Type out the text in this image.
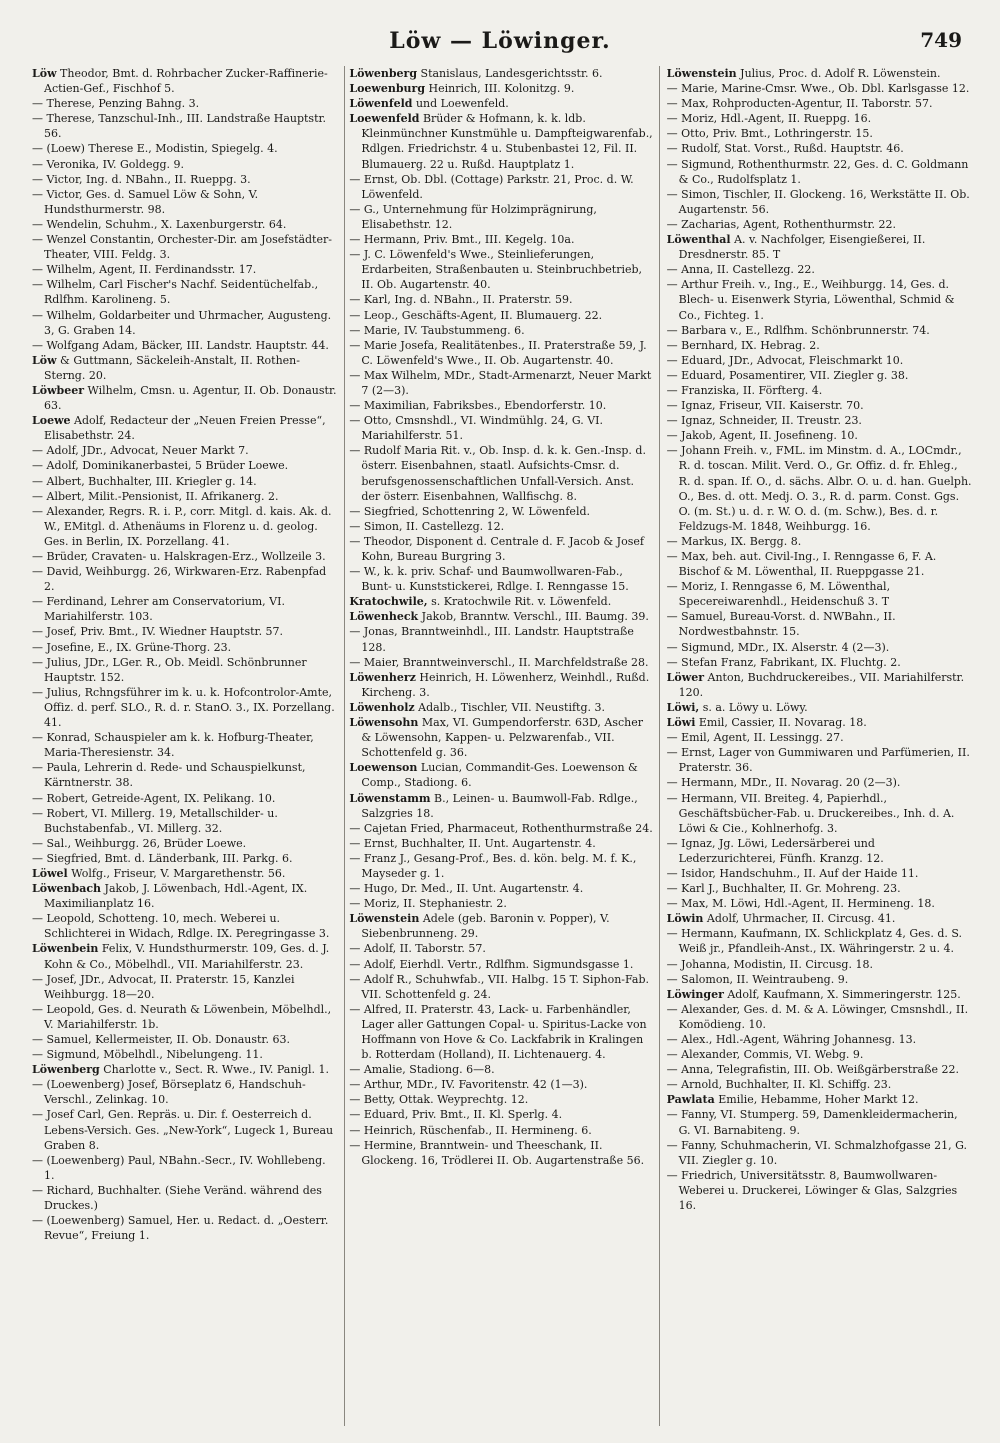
Löw — Löwinger.	749

Löw Theodor, Bmt. d. Rohrbacher Zucker-Raffinerie-Actien-Gef., Fischhof 5.

— Therese, Penzing Bahng. 3.

— Therese, Tanzschul-Inh., III. Landstraße Hauptstr. 56.

— (Loew) Therese E., Modistin, Spiegelg. 4.

— Veronika, IV. Goldegg. 9.

— Victor, Ing. d. NBahn., II. Rueppg. 3.

— Victor, Ges. d. Samuel Löw & Sohn, V. Hundsthurmerstr. 98.

— Wendelin, Schuhm., X. Laxenburgerstr. 64.

— Wenzel Constantin, Orchester-Dir. am Josefstädter-Theater, VIII. Feldg. 3.

— Wilhelm, Agent, II. Ferdinandsstr. 17.

— Wilhelm, Carl Fischer's Nachf. Seidentüchelfab., Rdlfhm. Karolineng. 5.

— Wilhelm, Goldarbeiter und Uhrmacher, Augusteng. 3, G. Graben 14.

— Wolfgang Adam, Bäcker, III. Landstr. Hauptstr. 44.

Löw & Guttmann, Säckeleih-Anstalt, II. Rothen-Sterng. 20.

Löwbeer Wilhelm, Cmsn. u. Agentur, II. Ob. Donaustr. 63.

Loewe Adolf, Redacteur der „Neuen Freien Presse“, Elisabethstr. 24.

— Adolf, JDr., Advocat, Neuer Markt 7.

— Adolf, Dominikanerbastei, 5 Brüder Loewe.

— Albert, Buchhalter, III. Kriegler g. 14.

— Albert, Milit.-Pensionist, II. Afrikanerg. 2.

— Alexander, Regrs. R. i. P., corr. Mitgl. d. kais. Ak. d. W., EMitgl. d. Athenäums in Florenz u. d. geolog. Ges. in Berlin, IX. Porzellang. 41.

— Brüder, Cravaten- u. Halskragen-Erz., Wollzeile 3.

— David, Weihburgg. 26, Wirkwaren-Erz. Rabenpfad 2.

— Ferdinand, Lehrer am Conservatorium, VI. Mariahilferstr. 103.

— Josef, Priv. Bmt., IV. Wiedner Hauptstr. 57.

— Josefine, E., IX. Grüne-Thorg. 23.

— Julius, JDr., LGer. R., Ob. Meidl. Schönbrunner Hauptstr. 152.

— Julius, Rchngsführer im k. u. k. Hofcontrolor-Amte, Offiz. d. perf. SLO., R. d. r. StanO. 3., IX. Porzellang. 41.

— Konrad, Schauspieler am k. k. Hofburg-Theater, Maria-Theresienstr. 34.

— Paula, Lehrerin d. Rede- und Schauspielkunst, Kärntnerstr. 38.

— Robert, Getreide-Agent, IX. Pelikang. 10.

— Robert, VI. Millerg. 19, Metallschilder- u. Buchstabenfab., VI. Millerg. 32.

— Sal., Weihburgg. 26, Brüder Loewe.

— Siegfried, Bmt. d. Länderbank, III. Parkg. 6.

Löwel Wolfg., Friseur, V. Margarethenstr. 56.

Löwenbach Jakob, J. Löwenbach, Hdl.-Agent, IX. Maximilianplatz 16.

— Leopold, Schotteng. 10, mech. Weberei u. Schlichterei in Widach, Rdlge. IX. Peregringasse 3.

Löwenbein Felix, V. Hundsthurmerstr. 109, Ges. d. J. Kohn & Co., Möbelhdl., VII. Mariahilferstr. 23.

— Josef, JDr., Advocat, II. Praterstr. 15, Kanzlei Weihburgg. 18—20.

— Leopold, Ges. d. Neurath & Löwenbein, Möbelhdl., V. Mariahilferstr. 1b.

— Samuel, Kellermeister, II. Ob. Donaustr. 63.

— Sigmund, Möbelhdl., Nibelungeng. 11.

Löwenberg Charlotte v., Sect. R. Wwe., IV. Panigl. 1.

— (Loewenberg) Josef, Börseplatz 6, Handschuh-Verschl., Zelinkag. 10.

— Josef Carl, Gen. Repräs. u. Dir. f. Oesterreich d. Lebens-Versich. Ges. „New-York“, Lugeck 1, Bureau Graben 8.

— (Loewenberg) Paul, NBahn.-Secr., IV. Wohllebeng. 1.

— Richard, Buchhalter. (Siehe Veränd. während des Druckes.)

— (Loewenberg) Samuel, Her. u. Redact. d. „Oesterr. Revue“, Freiung 1.

Löwenberg Stanislaus, Landesgerichtsstr. 6.

Loewenburg Heinrich, III. Kolonitzg. 9.

Löwenfeld und Loewenfeld.

Loewenfeld Brüder & Hofmann, k. k. ldb. Kleinmünchner Kunstmühle u. Dampfteigwarenfab., Rdlgen. Friedrichstr. 4 u. Stubenbastei 12, Fil. II. Blumauerg. 22 u. Rußd. Hauptplatz 1.

— Ernst, Ob. Dbl. (Cottage) Parkstr. 21, Proc. d. W. Löwenfeld.

— G., Unternehmung für Holzimprägnirung, Elisabethstr. 12.

— Hermann, Priv. Bmt., III. Kegelg. 10a.

— J. C. Löwenfeld's Wwe., Steinlieferungen, Erdarbeiten, Straßenbauten u. Steinbruchbetrieb, II. Ob. Augartenstr. 40.

— Karl, Ing. d. NBahn., II. Praterstr. 59.

— Leop., Geschäfts-Agent, II. Blumauerg. 22.

— Marie, IV. Taubstummeng. 6.

— Marie Josefa, Realitätenbes., II. Praterstraße 59, J. C. Löwenfeld's Wwe., II. Ob. Augartenstr. 40.

— Max Wilhelm, MDr., Stadt-Armenarzt, Neuer Markt 7 (2—3).

— Maximilian, Fabriksbes., Ebendorferstr. 10.

— Otto, Cmsnshdl., VI. Windmühlg. 24, G. VI. Mariahilferstr. 51.

— Rudolf Maria Rit. v., Ob. Insp. d. k. k. Gen.-Insp. d. österr. Eisenbahnen, staatl. Aufsichts-Cmsr. d. berufsgenossenschaftlichen Unfall-Versich. Anst. der österr. Eisenbahnen, Wallfischg. 8.

— Siegfried, Schottenring 2, W. Löwenfeld.

— Simon, II. Castellezg. 12.

— Theodor, Disponent d. Centrale d. F. Jacob & Josef Kohn, Bureau Burgring 3.

— W., k. k. priv. Schaf- und Baumwollwaren-Fab., Bunt- u. Kunststickerei, Rdlge. I. Renngasse 15.

Kratochwile, s. Kratochwile Rit. v. Löwenfeld.

Löwenheck Jakob, Branntw. Verschl., III. Baumg. 39.

— Jonas, Branntweinhdl., III. Landstr. Hauptstraße 128.

— Maier, Branntweinverschl., II. Marchfeldstraße 28.

Löwenherz Heinrich, H. Löwenherz, Weinhdl., Rußd. Kircheng. 3.

Löwenholz Adalb., Tischler, VII. Neustiftg. 3.

Löwensohn Max, VI. Gumpendorferstr. 63D, Ascher & Löwensohn, Kappen- u. Pelzwarenfab., VII. Schottenfeld g. 36.

Loewenson Lucian, Commandit-Ges. Loewenson & Comp., Stadiong. 6.

Löwenstamm B., Leinen- u. Baumwoll-Fab. Rdlge., Salzgries 18.

— Cajetan Fried, Pharmaceut, Rothenthurmstraße 24.

— Ernst, Buchhalter, II. Unt. Augartenstr. 4.

— Franz J., Gesang-Prof., Bes. d. kön. belg. M. f. K., Mayseder g. 1.

— Hugo, Dr. Med., II. Unt. Augartenstr. 4.

— Moriz, II. Stephaniestr. 2.

Löwenstein Adele (geb. Baronin v. Popper), V. Siebenbrunneng. 29.

— Adolf, II. Taborstr. 57.

— Adolf, Eierhdl. Vertr., Rdlfhm. Sigmundsgasse 1.

— Adolf R., Schuhwfab., VII. Halbg. 15 T. Siphon-Fab. VII. Schottenfeld g. 24.

— Alfred, II. Praterstr. 43, Lack- u. Farbenhändler, Lager aller Gattungen Copal- u. Spiritus-Lacke von Hoffmann von Hove & Co. Lackfabrik in Kralingen b. Rotterdam (Holland), II. Lichtenauerg. 4.

— Amalie, Stadiong. 6—8.

— Arthur, MDr., IV. Favoritenstr. 42 (1—3).

— Betty, Ottak. Weyprechtg. 12.

— Eduard, Priv. Bmt., II. Kl. Sperlg. 4.

— Heinrich, Rüschenfab., II. Hermineng. 6.

— Hermine, Branntwein- und Theeschank, II. Glockeng. 16, Trödlerei II. Ob. Augartenstraße 56.

Löwenstein Julius, Proc. d. Adolf R. Löwenstein.

— Marie, Marine-Cmsr. Wwe., Ob. Dbl. Karlsgasse 12.

— Max, Rohproducten-Agentur, II. Taborstr. 57.

— Moriz, Hdl.-Agent, II. Rueppg. 16.

— Otto, Priv. Bmt., Lothringerstr. 15.

— Rudolf, Stat. Vorst., Rußd. Hauptstr. 46.

— Sigmund, Rothenthurmstr. 22, Ges. d. C. Goldmann & Co., Rudolfsplatz 1.

— Simon, Tischler, II. Glockeng. 16, Werkstätte II. Ob. Augartenstr. 56.

— Zacharias, Agent, Rothenthurmstr. 22.

Löwenthal A. v. Nachfolger, Eisengießerei, II. Dresdnerstr. 85. T

— Anna, II. Castellezg. 22.

— Arthur Freih. v., Ing., E., Weihburgg. 14, Ges. d. Blech- u. Eisenwerk Styria, Löwenthal, Schmid & Co., Fichteg. 1.

— Barbara v., E., Rdlfhm. Schönbrunnerstr. 74.

— Bernhard, IX. Hebrag. 2.

— Eduard, JDr., Advocat, Fleischmarkt 10.

— Eduard, Posamentirer, VII. Ziegler g. 38.

— Franziska, II. Förfterg. 4.

— Ignaz, Friseur, VII. Kaiserstr. 70.

— Ignaz, Schneider, II. Treustr. 23.

— Jakob, Agent, II. Josefineng. 10.

— Johann Freih. v., FML. im Minstm. d. A., LOCmdr., R. d. toscan. Milit. Verd. O., Gr. Offiz. d. fr. Ehleg., R. d. span. If. O., d. sächs. Albr. O. u. d. han. Guelph. O., Bes. d. ott. Medj. O. 3., R. d. parm. Const. Ggs. O. (m. St.) u. d. r. W. O. d. (m. Schw.), Bes. d. r. Feldzugs-M. 1848, Weihburgg. 16.

— Markus, IX. Bergg. 8.

— Max, beh. aut. Civil-Ing., I. Renngasse 6, F. A. Bischof & M. Löwenthal, II. Rueppgasse 21.

— Moriz, I. Renngasse 6, M. Löwenthal, Specereiwarenhdl., Heidenschuß 3. T

— Samuel, Bureau-Vorst. d. NWBahn., II. Nordwestbahnstr. 15.

— Sigmund, MDr., IX. Alserstr. 4 (2—3).

— Stefan Franz, Fabrikant, IX. Fluchtg. 2.

Löwer Anton, Buchdruckereibes., VII. Mariahilferstr. 120.

Löwi, s. a. Löwy u. Löwy.

Löwi Emil, Cassier, II. Novarag. 18.

— Emil, Agent, II. Lessingg. 27.

— Ernst, Lager von Gummiwaren und Parfümerien, II. Praterstr. 36.

— Hermann, MDr., II. Novarag. 20 (2—3).

— Hermann, VII. Breiteg. 4, Papierhdl., Geschäftsbücher-Fab. u. Druckereibes., Inh. d. A. Löwi & Cie., Kohlnerhofg. 3.

— Ignaz, Jg. Löwi, Ledersärberei und Lederzurichterei, Fünfh. Kranzg. 12.

— Isidor, Handschuhm., II. Auf der Haide 11.

— Karl J., Buchhalter, II. Gr. Mohreng. 23.

— Max, M. Löwi, Hdl.-Agent, II. Hermineng. 18.

Löwin Adolf, Uhrmacher, II. Circusg. 41.

— Hermann, Kaufmann, IX. Schlickplatz 4, Ges. d. S. Weiß jr., Pfandleih-Anst., IX. Währingerstr. 2 u. 4.

— Johanna, Modistin, II. Circusg. 18.

— Salomon, II. Weintraubeng. 9.

Löwinger Adolf, Kaufmann, X. Simmeringerstr. 125.

— Alexander, Ges. d. M. & A. Löwinger, Cmsnshdl., II. Komödieng. 10.

— Alex., Hdl.-Agent, Währing Johannesg. 13.

— Alexander, Commis, VI. Webg. 9.

— Anna, Telegrafistin, III. Ob. Weißgärberstraße 22.

— Arnold, Buchhalter, II. Kl. Schiffg. 23.

Pawlata Emilie, Hebamme, Hoher Markt 12.

— Fanny, VI. Stumperg. 59, Damenkleidermacherin, G. VI. Barnabiteng. 9.

— Fanny, Schuhmacherin, VI. Schmalzhofgasse 21, G. VII. Ziegler g. 10.

— Friedrich, Universitätsstr. 8, Baumwollwaren-Weberei u. Druckerei, Löwinger & Glas, Salzgries 16.
